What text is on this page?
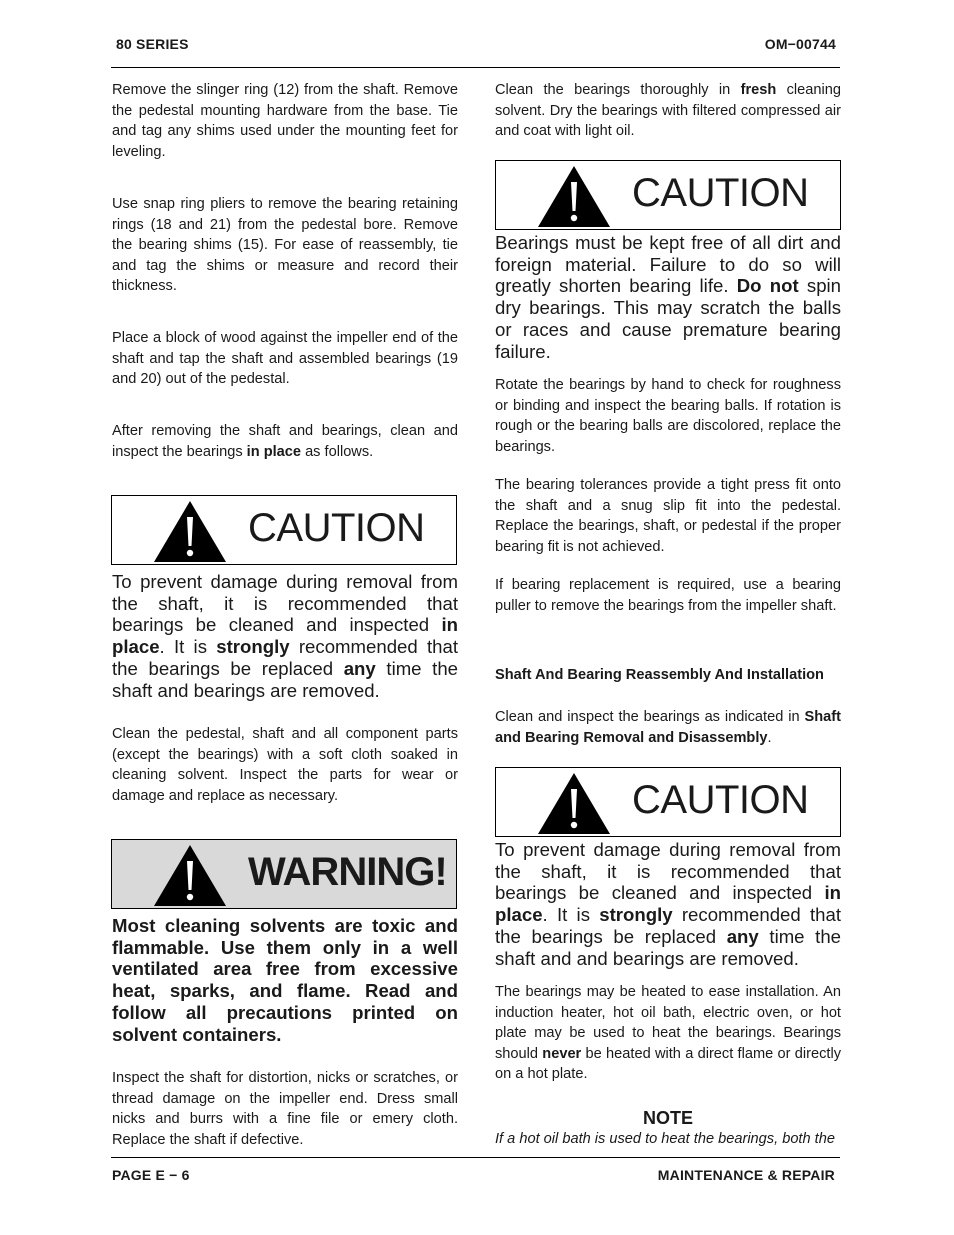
80 SERIES	OM−00744

Remove the slinger ring (12) from the shaft. Remove the pedestal mounting hardware from the base. Tie and tag any shims used under the mounting feet for leveling.

Use snap ring pliers to remove the bearing retaining rings (18 and 21) from the pedestal bore. Remove the bearing shims (15). For ease of reassembly, tie and tag the shims or measure and record their thickness.

Place a block of wood against the impeller end of the shaft and tap the shaft and assembled bearings (19 and 20) out of the pedestal.

After removing the shaft and bearings, clean and inspect the bearings in place as follows.

CAUTION

To prevent damage during removal from the shaft, it is recommended that bearings be cleaned and inspected in place. It is strongly recommended that the bearings be replaced any time the shaft and bearings are removed.

Clean the pedestal, shaft and all component parts (except the bearings) with a soft cloth soaked in cleaning solvent. Inspect the parts for wear or damage and replace as necessary.

WARNING!

Most cleaning solvents are toxic and flammable. Use them only in a well ventilated area free from excessive heat, sparks, and flame. Read and follow all precautions printed on solvent containers.

Inspect the shaft for distortion, nicks or scratches, or thread damage on the impeller end. Dress small nicks and burrs with a fine file or emery cloth. Replace the shaft if defective.

Clean the bearings thoroughly in fresh cleaning solvent. Dry the bearings with filtered compressed air and coat with light oil.

CAUTION

Bearings must be kept free of all dirt and foreign material. Failure to do so will greatly shorten bearing life. Do not spin dry bearings. This may scratch the balls or races and cause premature bearing failure.

Rotate the bearings by hand to check for roughness or binding and inspect the bearing balls. If rotation is rough or the bearing balls are discolored, replace the bearings.

The bearing tolerances provide a tight press fit onto the shaft and a snug slip fit into the pedestal. Replace the bearings, shaft, or pedestal if the proper bearing fit is not achieved.

If bearing replacement is required, use a bearing puller to remove the bearings from the impeller shaft.

Shaft And Bearing Reassembly And Installation

Clean and inspect the bearings as indicated in Shaft and Bearing Removal and Disassembly.

CAUTION

To prevent damage during removal from the shaft, it is recommended that bearings be cleaned and inspected in place. It is strongly recommended that the bearings be replaced any time the shaft and and bearings are removed.

The bearings may be heated to ease installation. An induction heater, hot oil bath, electric oven, or hot plate may be used to heat the bearings. Bearings should never be heated with a direct flame or directly on a hot plate.

NOTE
If a hot oil bath is used to heat the bearings, both the
PAGE E − 6	MAINTENANCE & REPAIR
